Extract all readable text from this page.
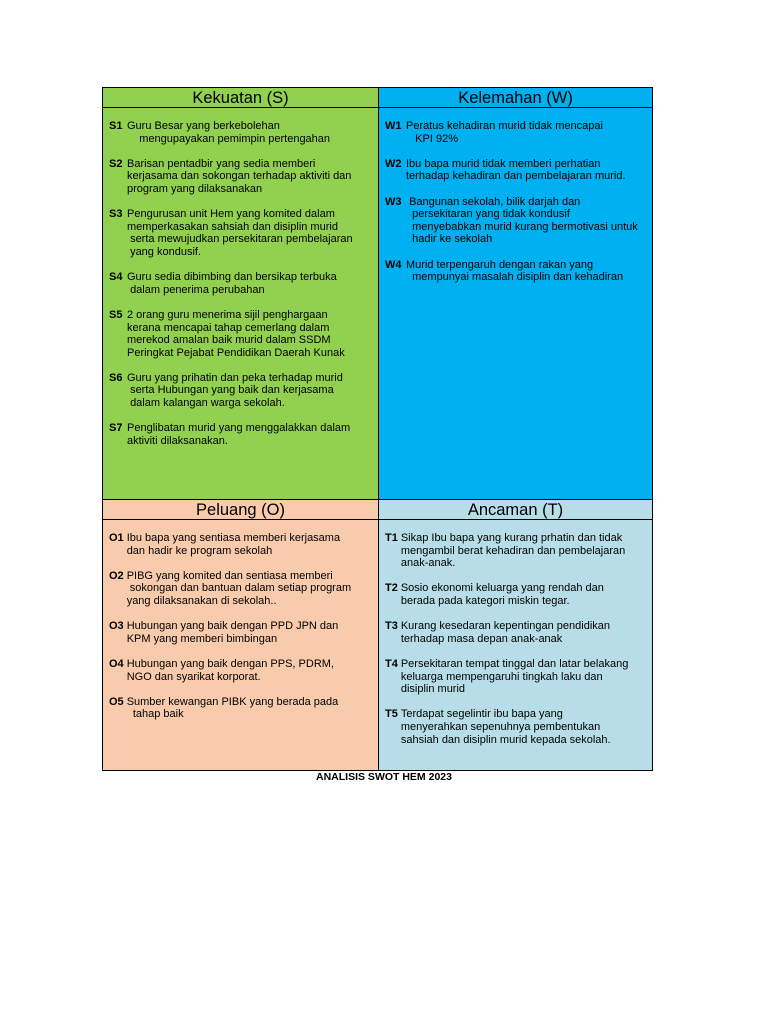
Kekuatan (S)
S1 Guru Besar yang berkebolehan
mengupayakan pemimpin pertengahan
S2 Barisan pentadbir yang sedia memberi
kerjasama dan sokongan terhadap aktiviti dan
program yang dilaksanakan
S3 Pengurusan unit Hem yang komited dalam
memperkasakan sahsiah dan disiplin murid
serta mewujudkan persekitaran pembelajaran
yang kondusif.
S4 Guru sedia dibimbing dan bersikap terbuka
dalam penerima perubahan
S5 2 orang guru menerima sijil penghargaan
kerana mencapai tahap cemerlang dalam
merekod amalan baik murid dalam SSDM
Peringkat Pejabat Pendidikan Daerah Kunak
S6 Guru yang prihatin dan peka terhadap murid
serta Hubungan yang baik dan kerjasama
dalam kalangan warga sekolah.
S7 Penglibatan murid yang menggalakkan dalam
aktiviti dilaksanakan.
Kelemahan (W)
W1 Peratus kehadiran murid tidak mencapai
KPI 92%
W2 Ibu bapa murid tidak memberi perhatian
terhadap kehadiran dan pembelajaran murid.
W3 Bangunan sekolah, bilik darjah dan
persekitaran yang tidak kondusif
menyebabkan murid kurang bermotivasi untuk
hadir ke sekolah
W4 Murid terpengaruh dengan rakan yang
mempunyai masalah disiplin dan kehadiran
Peluang (O)
O1 Ibu bapa yang sentiasa memberi kerjasama
dan hadir ke program sekolah
O2 PIBG yang komited dan sentiasa memberi
sokongan dan bantuan dalam setiap program
yang dilaksanakan di sekolah..
O3 Hubungan yang baik dengan PPD JPN dan
KPM yang memberi bimbingan
O4 Hubungan yang baik dengan PPS, PDRM,
NGO dan syarikat korporat.
O5 Sumber kewangan PIBK yang berada pada
tahap baik
Ancaman (T)
T1 Sikap Ibu bapa yang kurang prhatin dan tidak
mengambil berat kehadiran dan pembelajaran
anak-anak.
T2 Sosio ekonomi keluarga yang rendah dan
berada pada kategori miskin tegar.
T3 Kurang kesedaran kepentingan pendidikan
terhadap masa depan anak-anak
T4 Persekitaran tempat tinggal dan latar belakang
keluarga mempengaruhi tingkah laku dan
disiplin murid
T5 Terdapat segelintir ibu bapa yang
menyerahkan sepenuhnya pembentukan
sahsiah dan disiplin murid kepada sekolah.
ANALISIS SWOT HEM 2023
